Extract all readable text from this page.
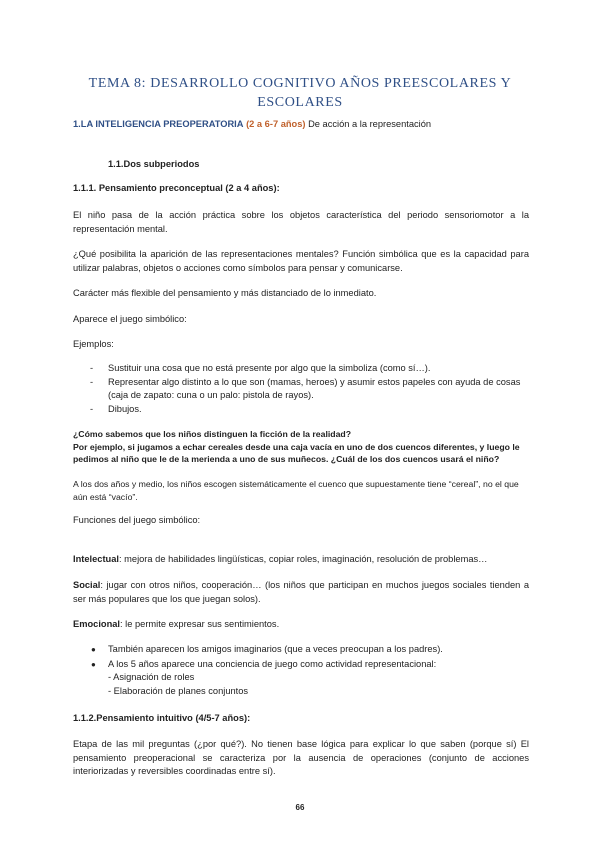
TEMA 8: DESARROLLO COGNITIVO AÑOS PREESCOLARES Y ESCOLARES

1.LA INTELIGENCIA PREOPERATORIA (2 a 6-7 años) De acción a la representación

1.1.Dos subperiodos

1.1.1. Pensamiento preconceptual (2 a 4 años):

El niño pasa de la acción práctica sobre los objetos característica del periodo sensoriomotor a la representación mental.

¿Qué posibilita la aparición de las representaciones mentales? Función simbólica que es la capacidad para utilizar palabras, objetos o acciones como símbolos para pensar y comunicarse.

Carácter más flexible del pensamiento y más distanciado de lo inmediato.

Aparece el juego simbólico:

Ejemplos:

- Sustituir una cosa que no está presente por algo que la simboliza (como sí…).
- Representar algo distinto a lo que son (mamas, heroes) y asumir estos papeles con ayuda de cosas (caja de zapato: cuna o un palo: pistola de rayos).
- Dibujos.

¿Cómo sabemos que los niños distinguen la ficción de la realidad?
Por ejemplo, si jugamos a echar cereales desde una caja vacía en uno de dos cuencos diferentes, y luego le pedimos al niño que le de la merienda a uno de sus muñecos. ¿Cuál de los dos cuencos usará el niño?

A los dos años y medio, los niños escogen sistemáticamente el cuenco que supuestamente tiene “cereal”, no el que aún está “vacío”.

Funciones del juego simbólico:

Intelectual: mejora de habilidades lingüísticas, copiar roles, imaginación, resolución de problemas…

Social: jugar con otros niños, cooperación… (los niños que participan en muchos juegos sociales tienden a ser más populares que los que juegan solos).

Emocional: le permite expresar sus sentimientos.

● También aparecen los amigos imaginarios (que a veces preocupan a los padres).
● A los 5 años aparece una conciencia de juego como actividad representacional:
- Asignación de roles
- Elaboración de planes conjuntos

1.1.2.Pensamiento intuitivo (4/5-7 años):

Etapa de las mil preguntas (¿por qué?). No tienen base lógica para explicar lo que saben (porque sí) El pensamiento preoperacional se caracteriza por la ausencia de operaciones (conjunto de acciones interiorizadas y reversibles coordinadas entre sí).

66
